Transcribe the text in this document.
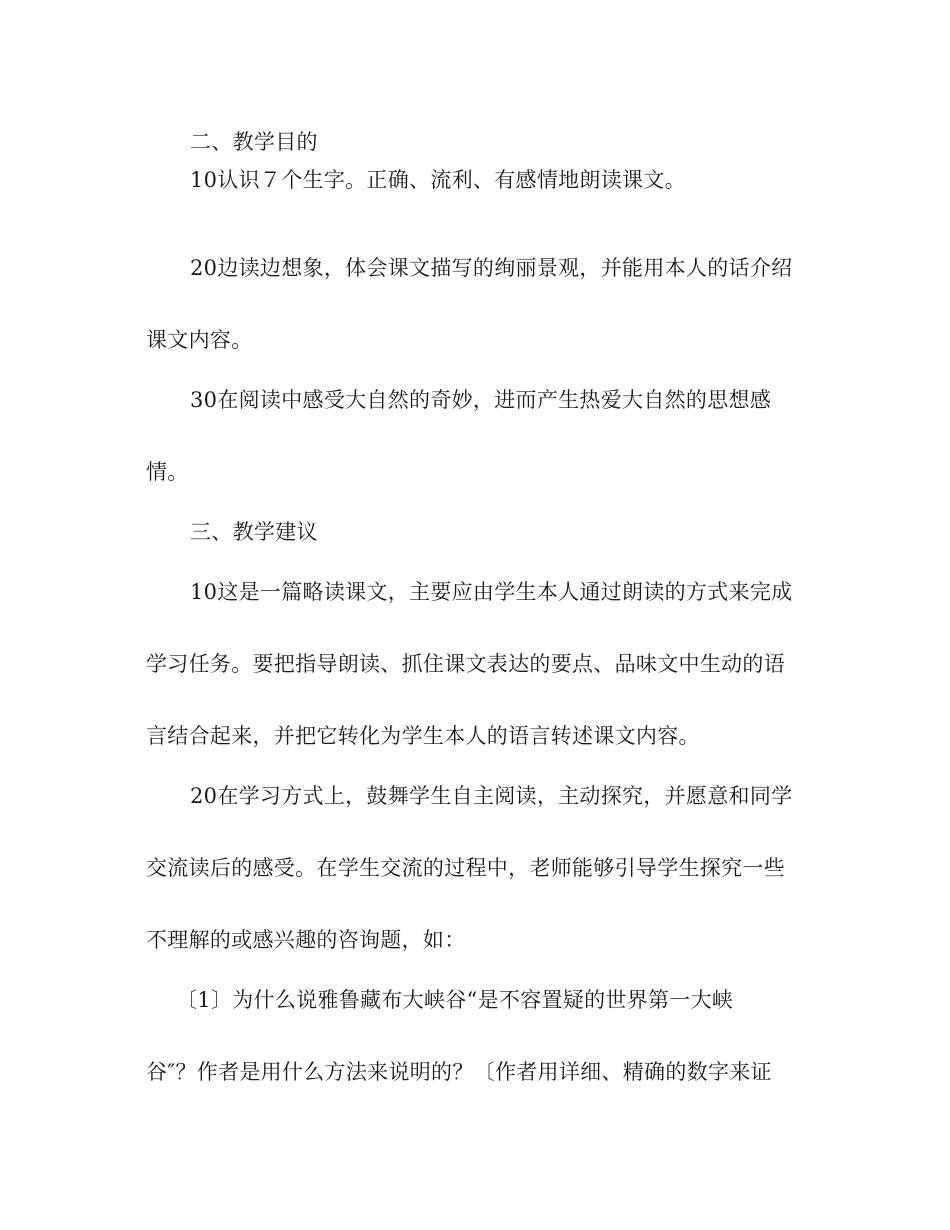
二、教学目的
10认识７个生字。正确、流利、有感情地朗读课文。
20边读边想象，体会课文描写的绚丽景观，并能用本人的话介绍
课文内容。
30在阅读中感受大自然的奇妙，进而产生热爱大自然的思想感
情。
三、教学建议
10这是一篇略读课文，主要应由学生本人通过朗读的方式来完成
学习任务。要把指导朗读、抓住课文表达的要点、品味文中生动的语
言结合起来，并把它转化为学生本人的语言转述课文内容。
20在学习方式上，鼓舞学生自主阅读，主动探究，并愿意和同学
交流读后的感受。在学生交流的过程中，老师能够引导学生探究一些
不理解的或感兴趣的咨询题，如：
〔1〕为什么说雅鲁藏布大峡谷“是不容置疑的世界第一大峡
谷″？作者是用什么方法来说明的？〔作者用详细、精确的数字来证
